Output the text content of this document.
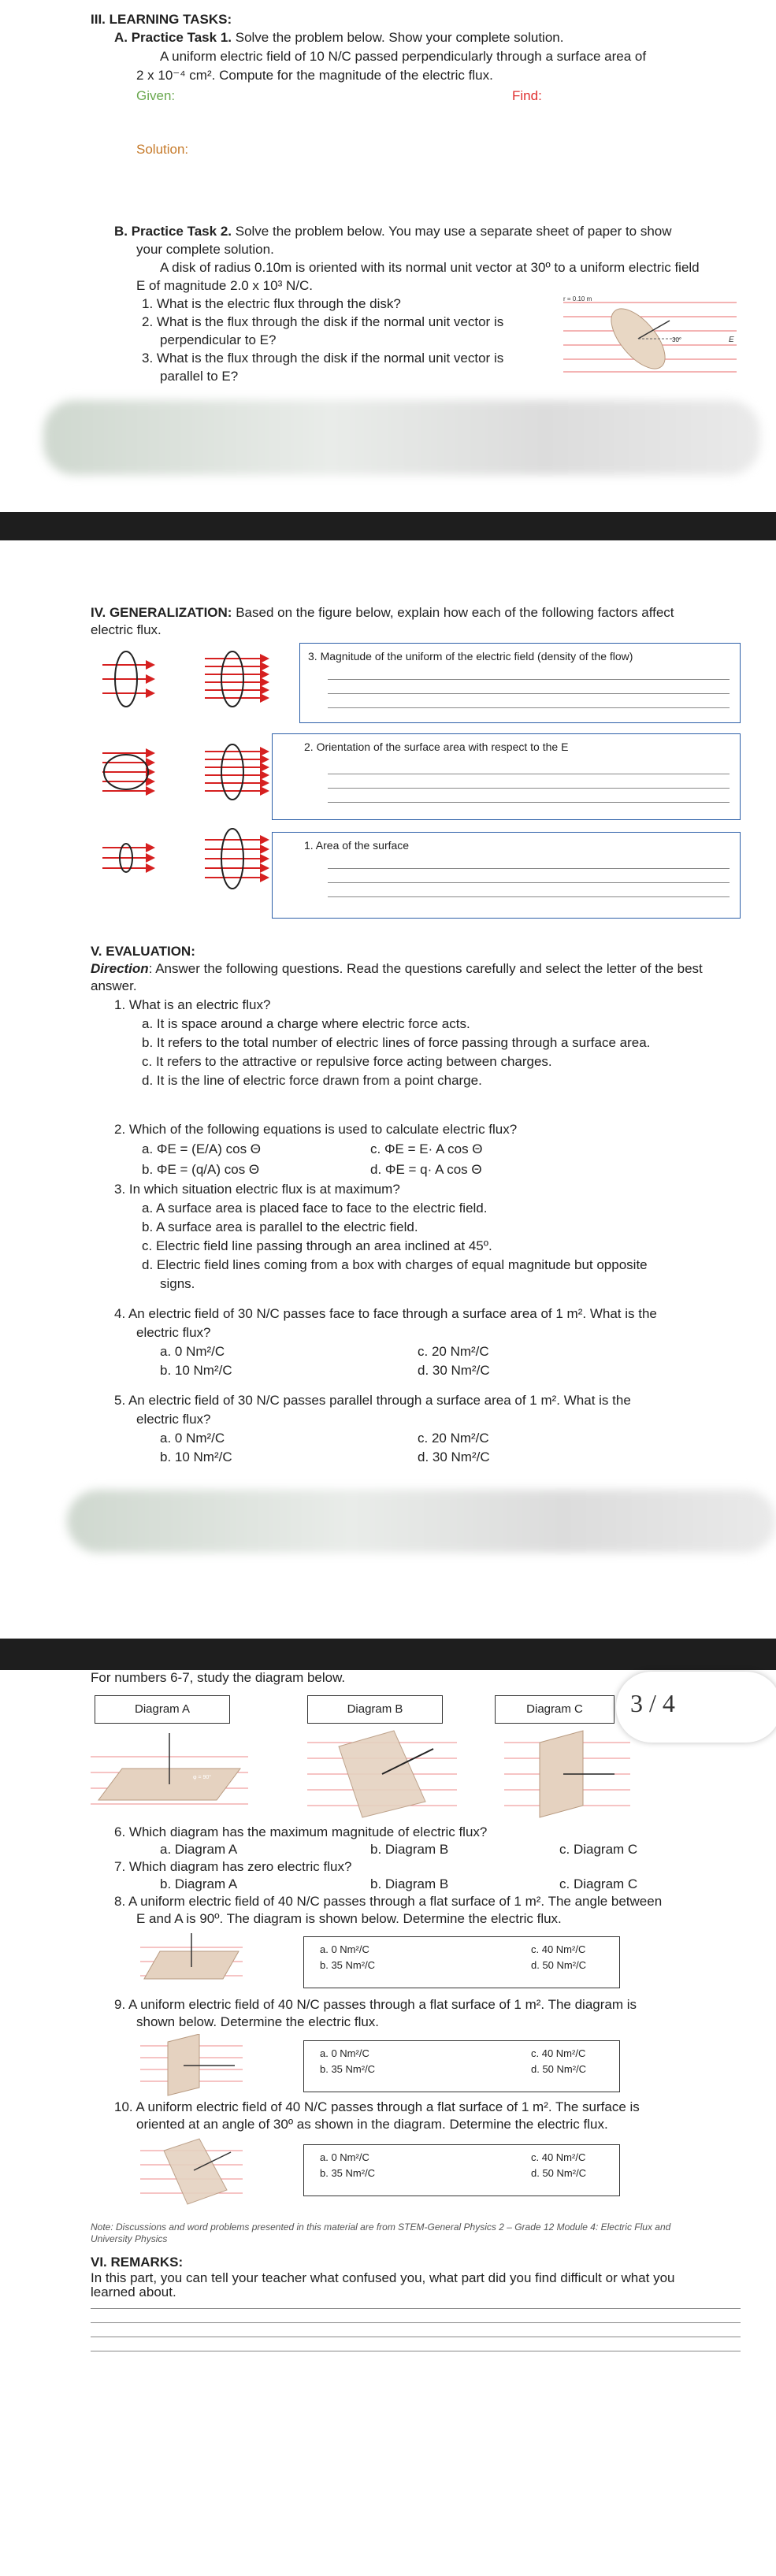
III. LEARNING TASKS:
A. Practice Task 1. Solve the problem below. Show your complete solution.
A uniform electric field of 10 N/C passed perpendicularly through a surface area of
2 x 10⁻⁴ cm². Compute for the magnitude of the electric flux.
Given:	Find:
Solution:
B. Practice Task 2. Solve the problem below. You may use a separate sheet of paper to show
your complete solution.
A disk of radius 0.10m is oriented with its normal unit vector at 30º to a uniform electric field
E of magnitude 2.0 x 10³ N/C.
1. What is the electric flux through the disk?
2. What is the flux through the disk if the normal unit vector is
perpendicular to E?
3. What is the flux through the disk if the normal unit vector is
parallel to E?
r = 0.10 m
30°	E
IV. GENERALIZATION: Based on the figure below, explain how each of the following factors affect
electric flux.
3. Magnitude of the uniform of the electric field (density of the flow)
2. Orientation of the surface area with respect to the E
1. Area of the surface
V. EVALUATION:
Direction: Answer the following questions. Read the questions carefully and select the letter of the best
answer.
1. What is an electric flux?
a. It is space around a charge where electric force acts.
b. It refers to the total number of electric lines of force passing through a surface area.
c. It refers to the attractive or repulsive force acting between charges.
d. It is the line of electric force drawn from a point charge.
2. Which of the following equations is used to calculate electric flux?
a. ΦE = (E/A) cos Θ	c. ΦE = E· A cos Θ
b. ΦE = (q/A) cos Θ	d. ΦE = q· A cos Θ
3. In which situation electric flux is at maximum?
a. A surface area is placed face to face to the electric field.
b. A surface area is parallel to the electric field.
c. Electric field line passing through an area inclined at 45º.
d. Electric field lines coming from a box with charges of equal magnitude but opposite
signs.
4. An electric field of 30 N/C passes face to face through a surface area of 1 m². What is the
electric flux?
a. 0 Nm²/C	c. 20 Nm²/C
b. 10 Nm²/C	d. 30 Nm²/C
5. An electric field of 30 N/C passes parallel through a surface area of 1 m². What is the
electric flux?
a. 0 Nm²/C	c. 20 Nm²/C
b. 10 Nm²/C	d. 30 Nm²/C
For numbers 6-7, study the diagram below.
Diagram A	Diagram B	Diagram C	3 / 4
φ = 90°
6. Which diagram has the maximum magnitude of electric flux?
a. Diagram A	b. Diagram B	c. Diagram C
7. Which diagram has zero electric flux?
b. Diagram A	b. Diagram B	c. Diagram C
8. A uniform electric field of 40 N/C passes through a flat surface of 1 m². The angle between
E and A is 90º. The diagram is shown below. Determine the electric flux.
a. 0 Nm²/C
b. 35 Nm²/C
c. 40 Nm²/C
d. 50 Nm²/C
9. A uniform electric field of 40 N/C passes through a flat surface of 1 m². The diagram is
shown below. Determine the electric flux.
a. 0 Nm²/C
b. 35 Nm²/C
c. 40 Nm²/C
d. 50 Nm²/C
10. A uniform electric field of 40 N/C passes through a flat surface of 1 m². The surface is
oriented at an angle of 30º as shown in the diagram. Determine the electric flux.
a. 0 Nm²/C
b. 35 Nm²/C
c. 40 Nm²/C
d. 50 Nm²/C
Note: Discussions and word problems presented in this material are from STEM-General Physics 2 – Grade 12 Module 4: Electric Flux and
University Physics
VI. REMARKS:
In this part, you can tell your teacher what confused you, what part did you find difficult or what you
learned about.
